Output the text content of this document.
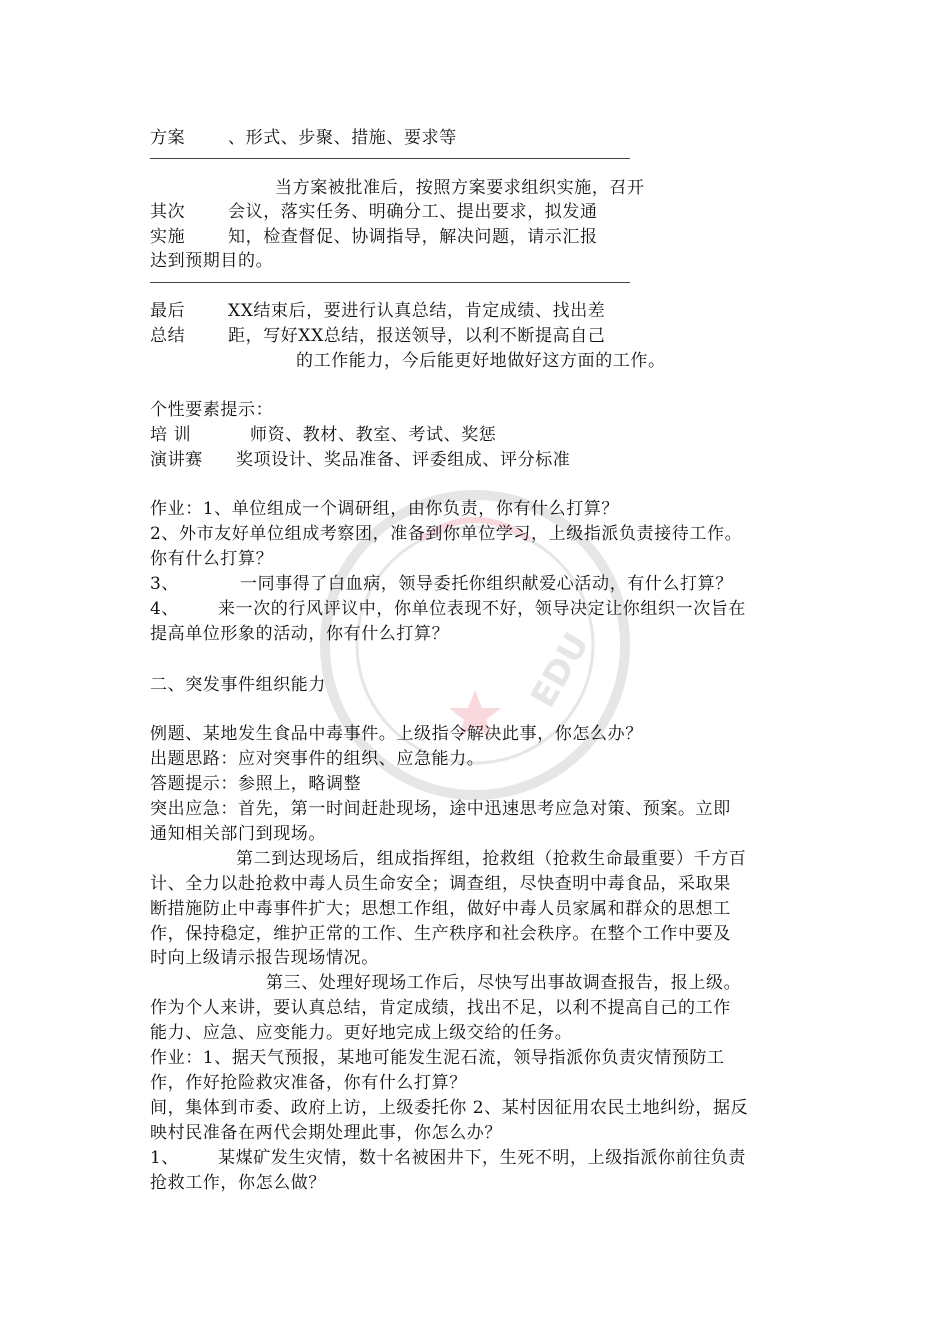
EDU
方案	、形式、步聚、措施、要求等
当方案被批准后，按照方案要求组织实施，召开
其次	会议，落实任务、明确分工、提出要求，拟发通
实施	知，检查督促、协调指导，解决问题，请示汇报
达到预期目的。
最后	XX结束后，要进行认真总结，肯定成绩、找出差
总结	距，写好XX总结，报送领导，以利不断提高自己
的工作能力，今后能更好地做好这方面的工作。
个性要素提示：
培 训	师资、教材、教室、考试、奖惩
演讲赛 奖项设计、奖品准备、评委组成、评分标准
作业：1、单位组成一个调研组，由你负责，你有什么打算？
2、外市友好单位组成考察团，准备到你单位学习，上级指派负责接待工作。
你有什么打算？
3、	一同事得了白血病，领导委托你组织献爱心活动，有什么打算？
4、 来一次的行风评议中，你单位表现不好，领导决定让你组织一次旨在
提高单位形象的活动，你有什么打算？
二、突发事件组织能力
例题、某地发生食品中毒事件。上级指令解决此事，你怎么办？
出题思路：应对突事件的组织、应急能力。
答题提示：参照上，略调整
突出应急：首先，第一时间赶赴现场，途中迅速思考应急对策、预案。立即
通知相关部门到现场。
第二到达现场后，组成指挥组，抢救组（抢救生命最重要）千方百
计、全力以赴抢救中毒人员生命安全；调查组，尽快查明中毒食品，采取果
断措施防止中毒事件扩大；思想工作组，做好中毒人员家属和群众的思想工
作，保持稳定，维护正常的工作、生产秩序和社会秩序。在整个工作中要及
时向上级请示报告现场情况。
第三、处理好现场工作后，尽快写出事故调查报告，报上级。
作为个人来讲，要认真总结，肯定成绩，找出不足，以利不提高自己的工作
能力、应急、应变能力。更好地完成上级交给的任务。
作业：1、据天气预报，某地可能发生泥石流，领导指派你负责灾情预防工
作，作好抢险救灾准备，你有什么打算？
间，集体到市委、政府上访，上级委托你 2、某村因征用农民土地纠纷，据反
映村民准备在两代会期处理此事，你怎么办？
1、 某煤矿发生灾情，数十名被困井下，生死不明，上级指派你前往负责
抢救工作，你怎么做？
